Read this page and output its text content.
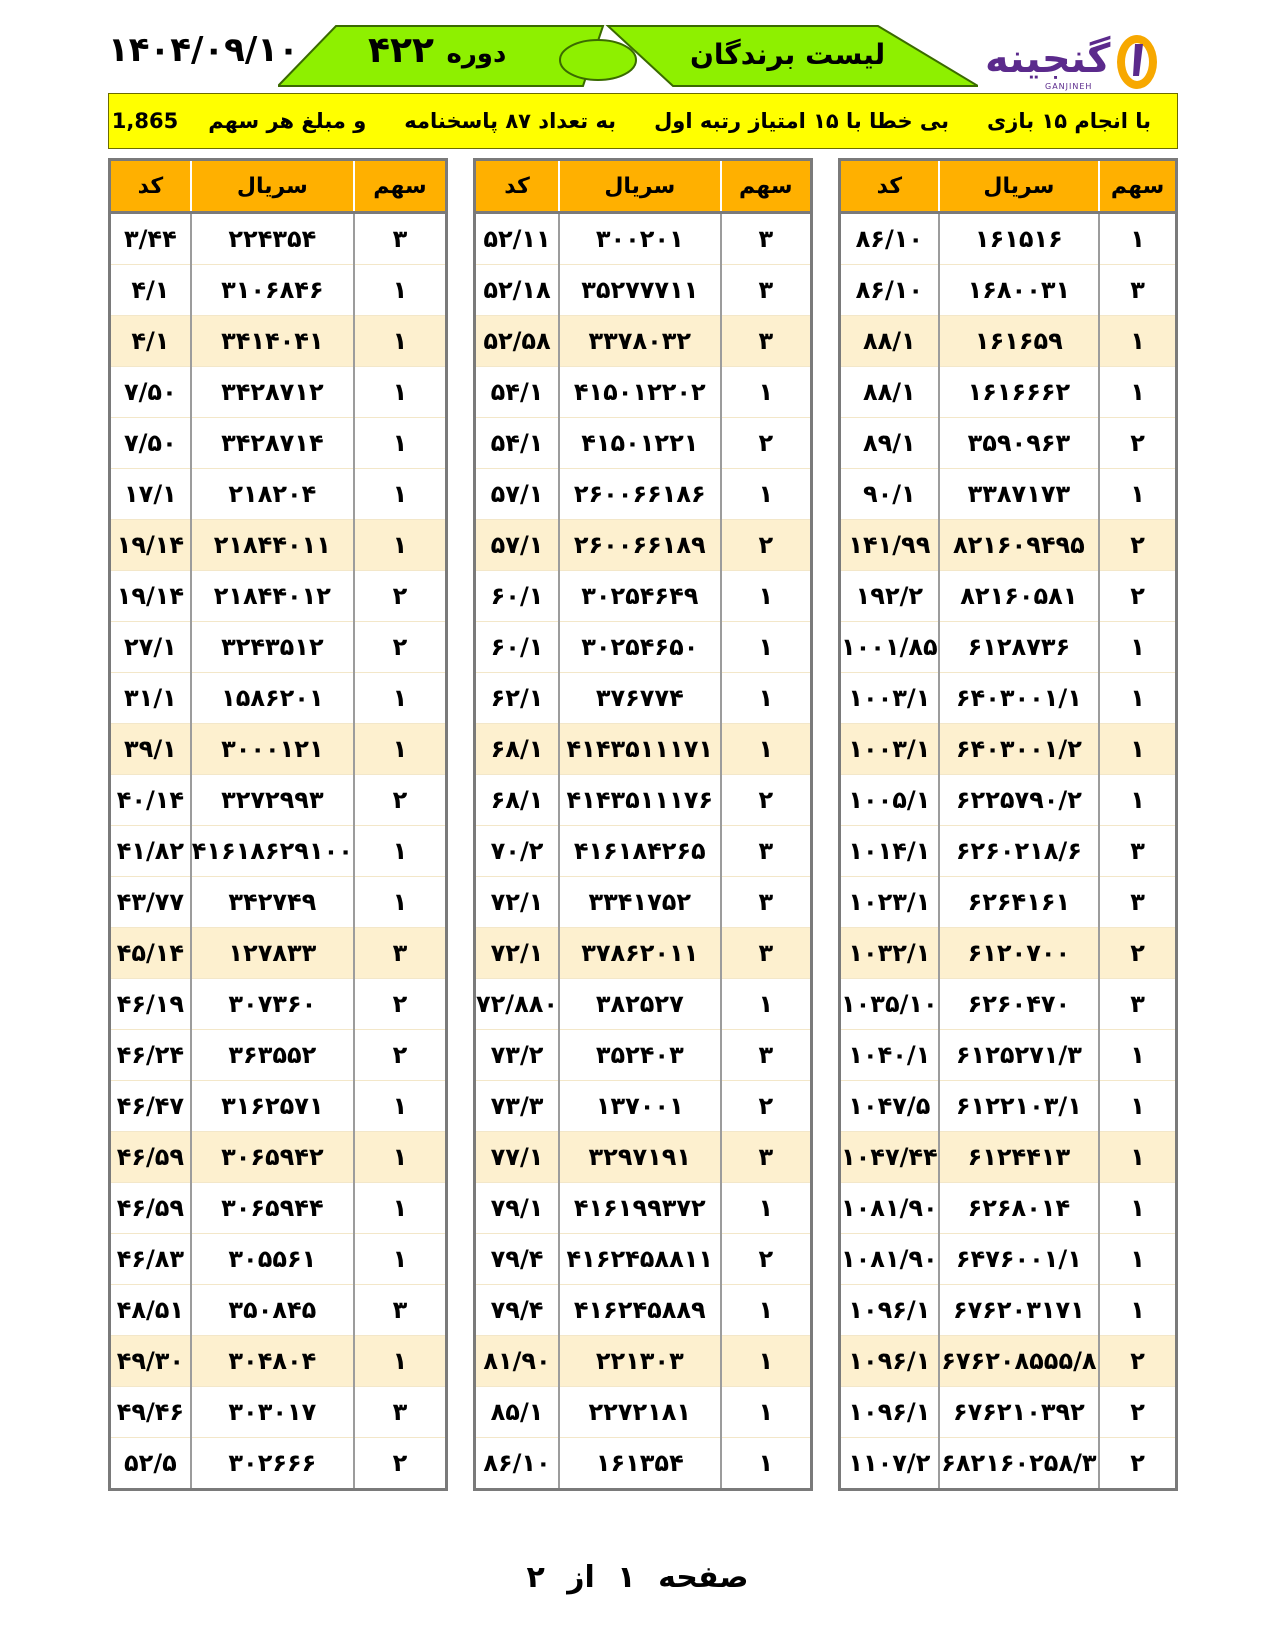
۱۴۰۴/۰۹/۱۰	دوره ۴۲۲	لیست برندگان گنجینه
GANJINEH
با انجام ۱۵ بازی
بی خطا با ۱۵ امتیاز رتبه اول
به تعداد ۸۷ پاسخنامه
و مبلغ هر سهم
1,865
سهم	سریال	کد
۱	۱۶۱۵۱۶	۸۶/۱۰
۳	۱۶۸۰۰۳۱	۸۶/۱۰
۱	۱۶۱۶۵۹	۸۸/۱
۱	۱۶۱۶۶۶۲	۸۸/۱
۲	۳۵۹۰۹۶۳	۸۹/۱
۱	۳۳۸۷۱۷۳	۹۰/۱
۲	۸۲۱۶۰۹۴۹۵	۱۴۱/۹۹
۲	۸۲۱۶۰۵۸۱	۱۹۲/۲
۱	۶۱۲۸۷۳۶	۱۰۰۱/۸۵
۱	۶۴۰۳۰۰۱/۱	۱۰۰۳/۱
۱	۶۴۰۳۰۰۱/۲	۱۰۰۳/۱
۱	۶۲۲۵۷۹۰/۲	۱۰۰۵/۱
۳	۶۲۶۰۲۱۸/۶	۱۰۱۴/۱
۳	۶۲۶۴۱۶۱	۱۰۲۳/۱
۲	۶۱۲۰۷۰۰	۱۰۳۲/۱
۳	۶۲۶۰۴۷۰	۱۰۳۵/۱۰
۱	۶۱۲۵۲۷۱/۳	۱۰۴۰/۱
۱	۶۱۲۲۱۰۳/۱	۱۰۴۷/۵
۱	۶۱۲۴۴۱۳	۱۰۴۷/۴۴
۱	۶۲۶۸۰۱۴	۱۰۸۱/۹۰
۱	۶۴۷۶۰۰۱/۱	۱۰۸۱/۹۰
۱	۶۷۶۲۰۳۱۷۱	۱۰۹۶/۱
۲	۶۷۶۲۰۸۵۵۵/۸	۱۰۹۶/۱
۲	۶۷۶۲۱۰۳۹۲	۱۰۹۶/۱
۲	۶۸۲۱۶۰۲۵۸/۳	۱۱۰۷/۲
سهم	سریال	کد
۳	۳۰۰۲۰۱	۵۲/۱۱
۳	۳۵۲۷۷۷۱۱	۵۲/۱۸
۳	۳۳۷۸۰۳۲	۵۲/۵۸
۱	۴۱۵۰۱۲۲۰۲	۵۴/۱
۲	۴۱۵۰۱۲۲۱	۵۴/۱
۱	۲۶۰۰۶۶۱۸۶	۵۷/۱
۲	۲۶۰۰۶۶۱۸۹	۵۷/۱
۱	۳۰۲۵۴۶۴۹	۶۰/۱
۱	۳۰۲۵۴۶۵۰	۶۰/۱
۱	۳۷۶۷۷۴	۶۲/۱
۱	۴۱۴۳۵۱۱۱۷۱	۶۸/۱
۲	۴۱۴۳۵۱۱۱۷۶	۶۸/۱
۳	۴۱۶۱۸۴۲۶۵	۷۰/۲
۳	۳۳۴۱۷۵۲	۷۲/۱
۳	۳۷۸۶۲۰۱۱	۷۲/۱
۱	۳۸۲۵۲۷	۷۲/۸۸۰
۳	۳۵۲۴۰۳	۷۳/۲
۲	۱۳۷۰۰۱	۷۳/۳
۳	۳۲۹۷۱۹۱	۷۷/۱
۱	۴۱۶۱۹۹۳۷۲	۷۹/۱
۲	۴۱۶۲۴۵۸۸۱۱	۷۹/۴
۱	۴۱۶۲۴۵۸۸۹	۷۹/۴
۱	۲۲۱۳۰۳	۸۱/۹۰
۱	۲۲۷۲۱۸۱	۸۵/۱
۱	۱۶۱۳۵۴	۸۶/۱۰
سهم	سریال	کد
۳	۲۲۴۳۵۴	۳/۴۴
۱	۳۱۰۶۸۴۶	۴/۱
۱	۳۴۱۴۰۴۱	۴/۱
۱	۳۴۲۸۷۱۲	۷/۵۰
۱	۳۴۲۸۷۱۴	۷/۵۰
۱	۲۱۸۲۰۴	۱۷/۱
۱	۲۱۸۴۴۰۱۱	۱۹/۱۴
۲	۲۱۸۴۴۰۱۲	۱۹/۱۴
۲	۳۲۴۳۵۱۲	۲۷/۱
۱	۱۵۸۶۲۰۱	۳۱/۱
۱	۳۰۰۰۱۲۱	۳۹/۱
۲	۳۲۷۲۹۹۳	۴۰/۱۴
۱	۴۱۶۱۸۶۲۹۱۰۰	۴۱/۸۲
۱	۳۴۲۷۴۹	۴۳/۷۷
۳	۱۲۷۸۳۳	۴۵/۱۴
۲	۳۰۷۳۶۰	۴۶/۱۹
۲	۳۶۳۵۵۲	۴۶/۲۴
۱	۳۱۶۲۵۷۱	۴۶/۴۷
۱	۳۰۶۵۹۴۲	۴۶/۵۹
۱	۳۰۶۵۹۴۴	۴۶/۵۹
۱	۳۰۵۵۶۱	۴۶/۸۳
۳	۳۵۰۸۴۵	۴۸/۵۱
۱	۳۰۴۸۰۴	۴۹/۳۰
۳	۳۰۳۰۱۷	۴۹/۴۶
۲	۳۰۲۶۶۶	۵۲/۵
صفحه ۱ از ۲
